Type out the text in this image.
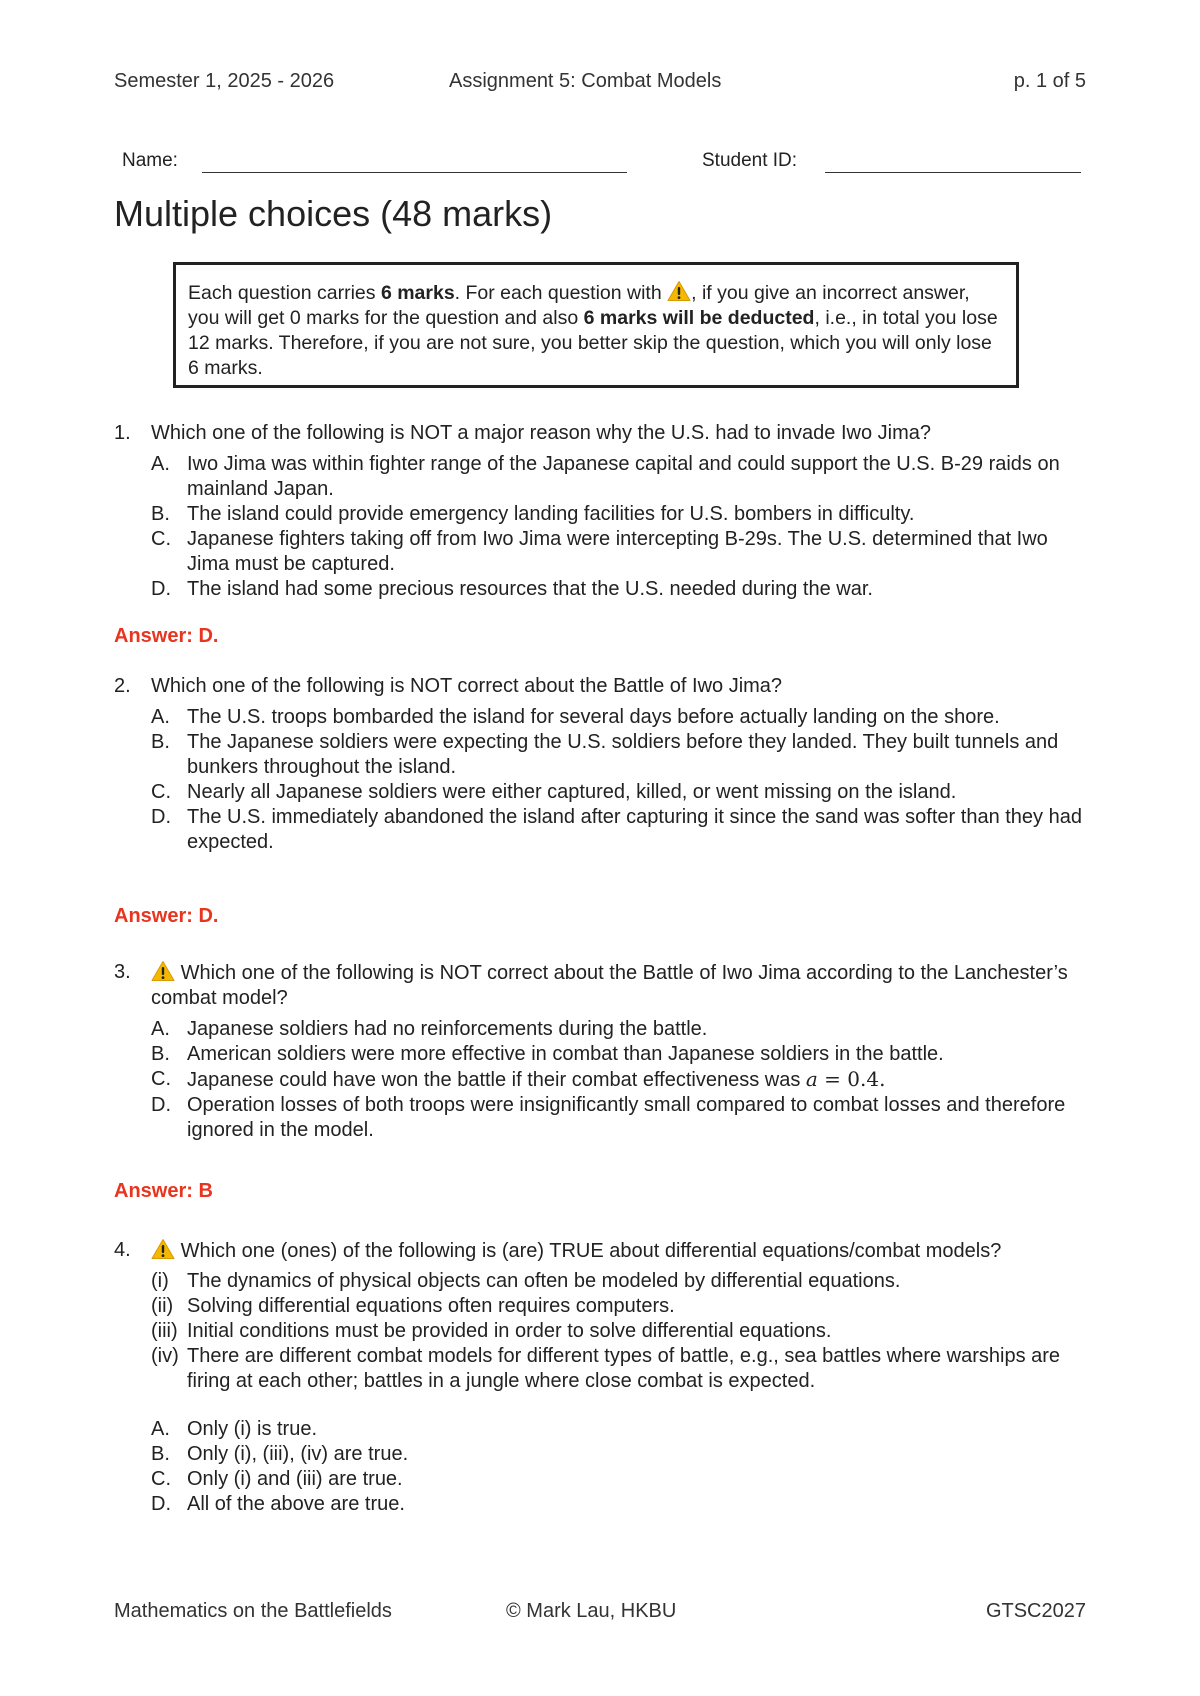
Semester 1, 2025 - 2026	Assignment 5: Combat Models	p. 1 of 5
Name:	Student ID:
Multiple choices (48 marks)
Each question carries 6 marks. For each question with , if you give an incorrect answer, you will get 0 marks for the question and also 6 marks will be deducted, i.e., in total you lose 12 marks. Therefore, if you are not sure, you better skip the question, which you will only lose 6 marks.
1. Which one of the following is NOT a major reason why the U.S. had to invade Iwo Jima?
A. Iwo Jima was within fighter range of the Japanese capital and could support the U.S. B-29 raids on mainland Japan.
B. The island could provide emergency landing facilities for U.S. bombers in difficulty.
C. Japanese fighters taking off from Iwo Jima were intercepting B-29s. The U.S. determined that Iwo Jima must be captured.
D. The island had some precious resources that the U.S. needed during the war.
Answer: D.
2. Which one of the following is NOT correct about the Battle of Iwo Jima?
A. The U.S. troops bombarded the island for several days before actually landing on the shore.
B. The Japanese soldiers were expecting the U.S. soldiers before they landed. They built tunnels and bunkers throughout the island.
C. Nearly all Japanese soldiers were either captured, killed, or went missing on the island.
D. The U.S. immediately abandoned the island after capturing it since the sand was softer than they had expected.
Answer: D.
3.	Which one of the following is NOT correct about the Battle of Iwo Jima according to the Lanchester’s combat model?
A. Japanese soldiers had no reinforcements during the battle.
B. American soldiers were more effective in combat than Japanese soldiers in the battle.
C. Japanese could have won the battle if their combat effectiveness was a = 0.4.
D. Operation losses of both troops were insignificantly small compared to combat losses and therefore ignored in the model.
Answer: B
4.	Which one (ones) of the following is (are) TRUE about differential equations/combat models?
(i) The dynamics of physical objects can often be modeled by differential equations.
(ii) Solving differential equations often requires computers.
(iii) Initial conditions must be provided in order to solve differential equations.
(iv) There are different combat models for different types of battle, e.g., sea battles where warships are firing at each other; battles in a jungle where close combat is expected.
A. Only (i) is true.
B. Only (i), (iii), (iv) are true.
C. Only (i) and (iii) are true.
D. All of the above are true.
Mathematics on the Battlefields	© Mark Lau, HKBU	GTSC2027
